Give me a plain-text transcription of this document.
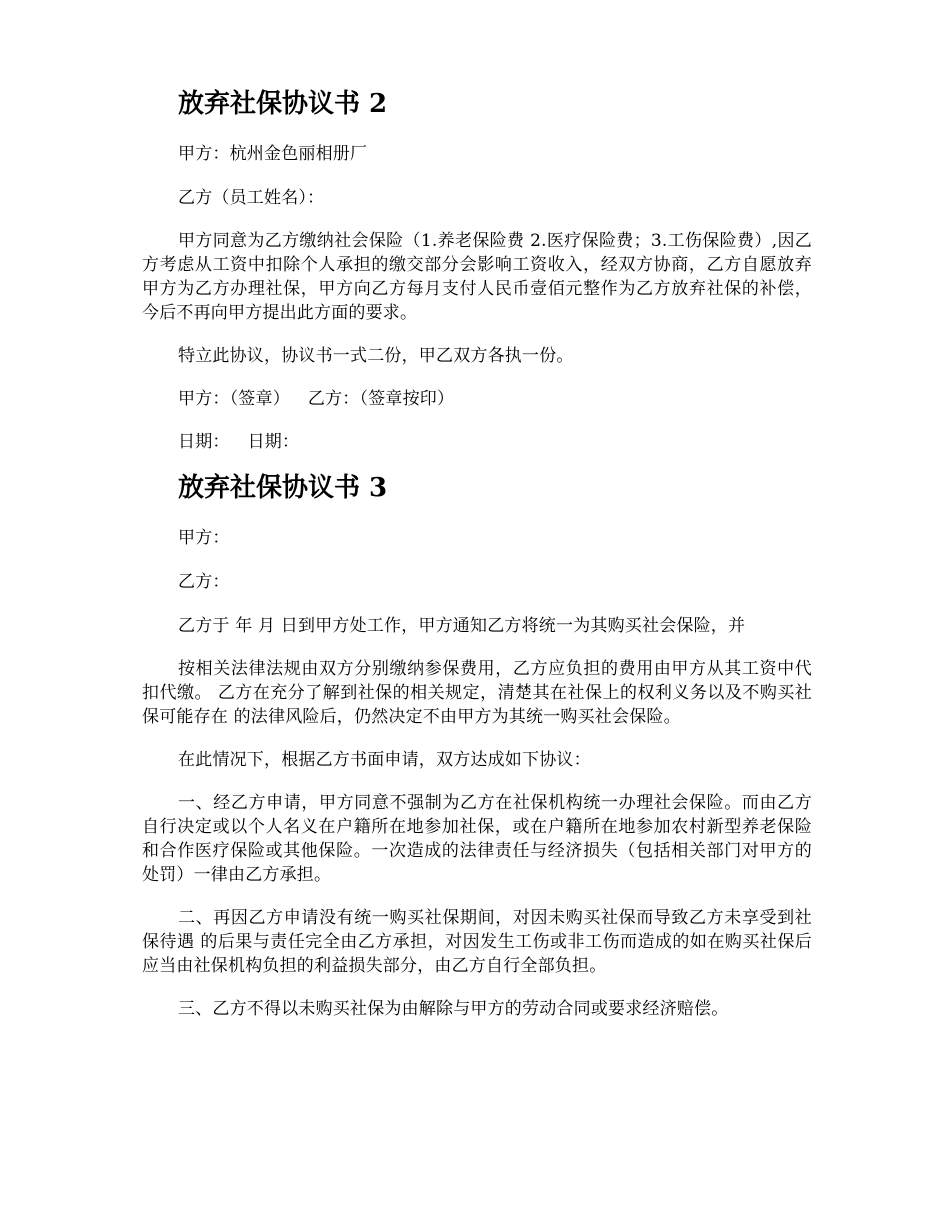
放弃社保协议书 2

甲方：杭州金色丽相册厂

乙方（员工姓名）：

甲方同意为乙方缴纳社会保险（1.养老保险费 2.医疗保险费；3.工伤保险费）,因乙方考虑从工资中扣除个人承担的缴交部分会影响工资收入，经双方协商，乙方自愿放弃甲方为乙方办理社保，甲方向乙方每月支付人民币壹佰元整作为乙方放弃社保的补偿，今后不再向甲方提出此方面的要求。

特立此协议，协议书一式二份，甲乙双方各执一份。

甲方：（签章） 乙方：（签章按印）

日期： 日期：

放弃社保协议书 3

甲方：

乙方：

乙方于 年 月 日到甲方处工作，甲方通知乙方将统一为其购买社会保险，并

按相关法律法规由双方分别缴纳参保费用，乙方应负担的费用由甲方从其工资中代扣代缴。 乙方在充分了解到社保的相关规定，清楚其在社保上的权利义务以及不购买社保可能存在 的法律风险后，仍然决定不由甲方为其统一购买社会保险。

在此情况下，根据乙方书面申请，双方达成如下协议：

一、经乙方申请，甲方同意不强制为乙方在社保机构统一办理社会保险。而由乙方自行决定或以个人名义在户籍所在地参加社保，或在户籍所在地参加农村新型养老保险和合作医疗保险或其他保险。一次造成的法律责任与经济损失（包括相关部门对甲方的处罚）一律由乙方承担。

二、再因乙方申请没有统一购买社保期间，对因未购买社保而导致乙方未享受到社保待遇 的后果与责任完全由乙方承担，对因发生工伤或非工伤而造成的如在购买社保后应当由社保机构负担的利益损失部分，由乙方自行全部负担。

三、乙方不得以未购买社保为由解除与甲方的劳动合同或要求经济赔偿。
